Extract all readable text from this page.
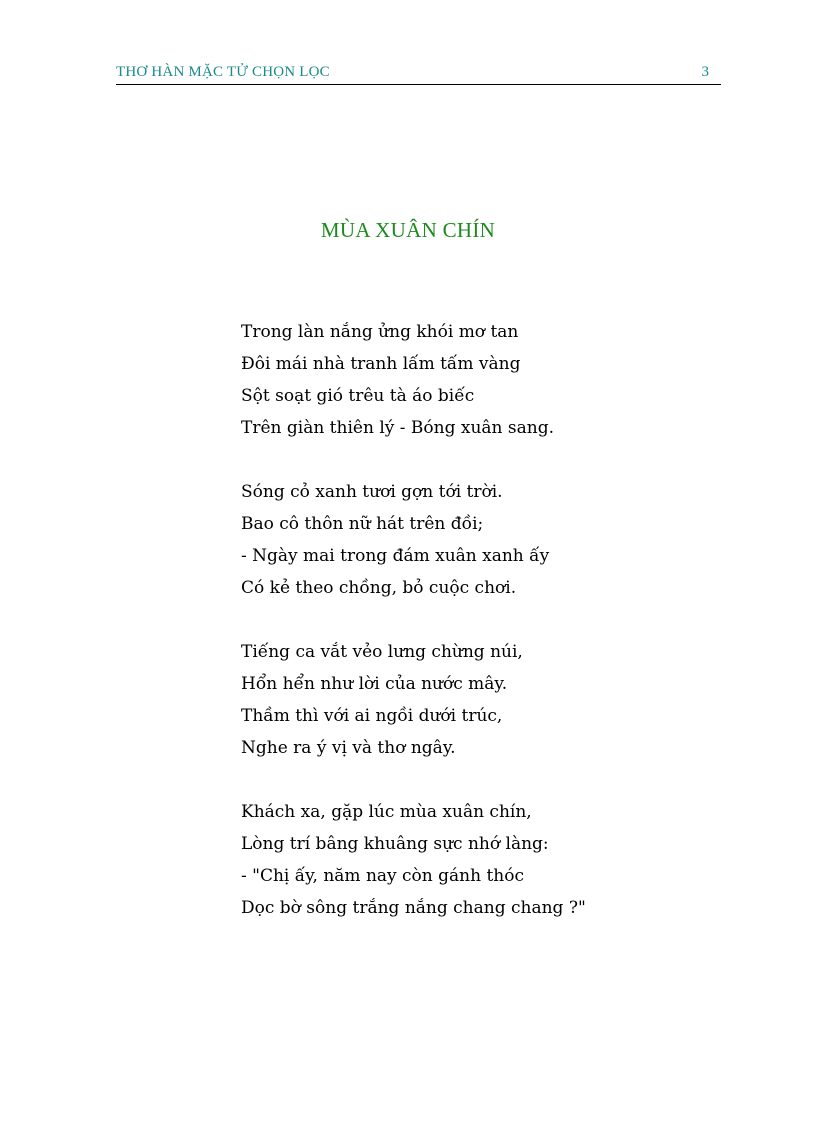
THƠ HÀN MẶC TỬ CHỌN LỌC	3
MÙA XUÂN CHÍN
Trong làn nắng ửng khói mơ tan
Đôi mái nhà tranh lấm tấm vàng
Sột soạt gió trêu tà áo biếc
Trên giàn thiên lý - Bóng xuân sang.
Sóng cỏ xanh tươi gợn tới trời.
Bao cô thôn nữ hát trên đồi;
- Ngày mai trong đám xuân xanh ấy
Có kẻ theo chồng, bỏ cuộc chơi.
Tiếng ca vắt vẻo lưng chừng núi,
Hổn hển như lời của nước mây.
Thầm thì với ai ngồi dưới trúc,
Nghe ra ý vị và thơ ngây.
Khách xa, gặp lúc mùa xuân chín,
Lòng trí bâng khuâng sực nhớ làng:
- "Chị ấy, năm nay còn gánh thóc
Dọc bờ sông trắng nắng chang chang ?"
